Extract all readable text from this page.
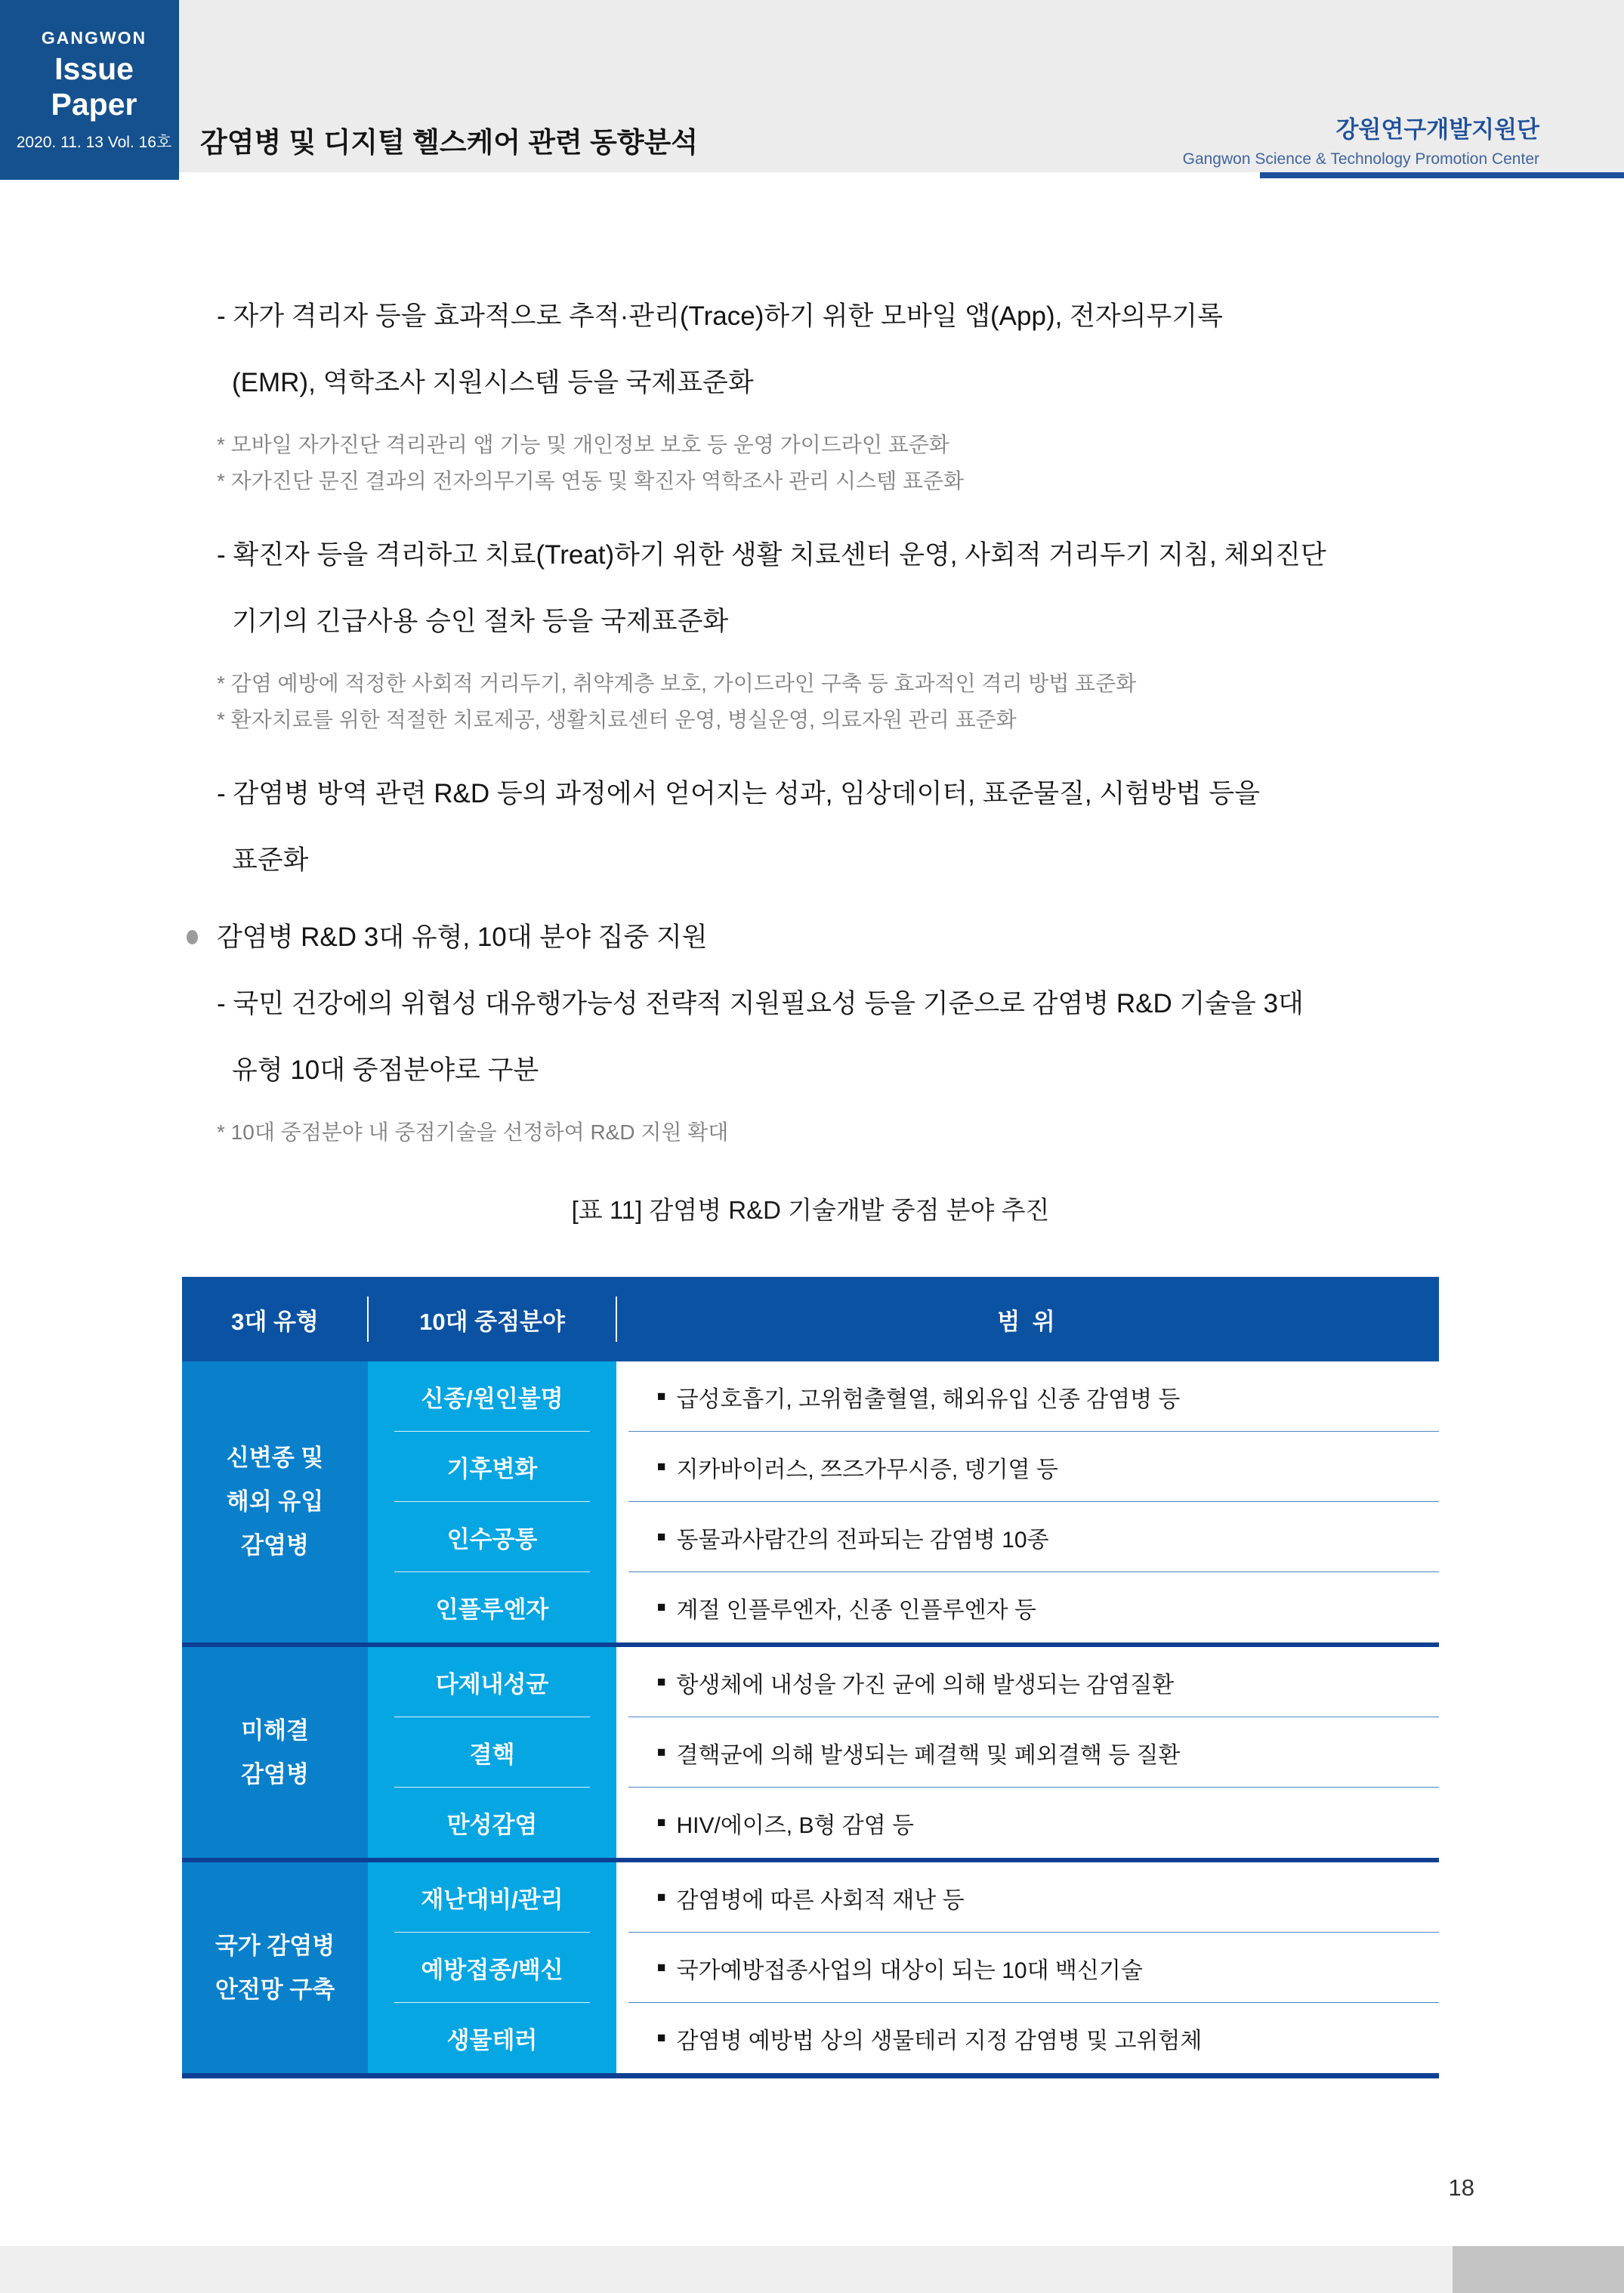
감염병 및 디지털 헬스케어 관련 동향분석	강원연구개발지원단
Gangwon Science & Technology Promotion Center
GANGWON
Issue Paper
2020. 11. 13 Vol. 16호
- 자가 격리자 등을 효과적으로 추적·관리(Trace)하기 위한 모바일 앱(App), 전자의무기록
(EMR), 역학조사 지원시스템 등을 국제표준화
* 모바일 자가진단 격리관리 앱 기능 및 개인정보 보호 등 운영 가이드라인 표준화
* 자가진단 문진 결과의 전자의무기록 연동 및 확진자 역학조사 관리 시스템 표준화
- 확진자 등을 격리하고 치료(Treat)하기 위한 생활 치료센터 운영, 사회적 거리두기 지침, 체외진단
기기의 긴급사용 승인 절차 등을 국제표준화
* 감염 예방에 적정한 사회적 거리두기, 취약계층 보호, 가이드라인 구축 등 효과적인 격리 방법 표준화
* 환자치료를 위한 적절한 치료제공, 생활치료센터 운영, 병실운영, 의료자원 관리 표준화
- 감염병 방역 관련 R&D 등의 과정에서 얻어지는 성과, 임상데이터, 표준물질, 시험방법 등을
표준화
감염병 R&D 3대 유형, 10대 분야 집중 지원
- 국민 건강에의 위협성 대유행가능성 전략적 지원필요성 등을 기준으로 감염병 R&D 기술을 3대
유형 10대 중점분야로 구분
* 10대 중점분야 내 중점기술을 선정하여 R&D 지원 확대
[표 11] 감염병 R&D 기술개발 중점 분야 추진
3대 유형	10대 중점분야	범 위
신변종 및
해외 유입
감염병
신종/원인불명	■ 급성호흡기, 고위험출혈열, 해외유입 신종 감염병 등
기후변화	■ 지카바이러스, 쯔즈가무시증, 뎅기열 등
인수공통	■ 동물과사람간의 전파되는 감염병 10종
인플루엔자	■ 계절 인플루엔자, 신종 인플루엔자 등
미해결
감염병
다제내성균	■ 항생체에 내성을 가진 균에 의해 발생되는 감염질환
결핵	■ 결핵균에 의해 발생되는 폐결핵 및 폐외결핵 등 질환
만성감염	■ HIV/에이즈, B형 감염 등
국가 감염병
안전망 구축
재난대비/관리	■ 감염병에 따른 사회적 재난 등
예방접종/백신	■ 국가예방접종사업의 대상이 되는 10대 백신기술
생물테러	■ 감염병 예방법 상의 생물테러 지정 감염병 및 고위험체
18
